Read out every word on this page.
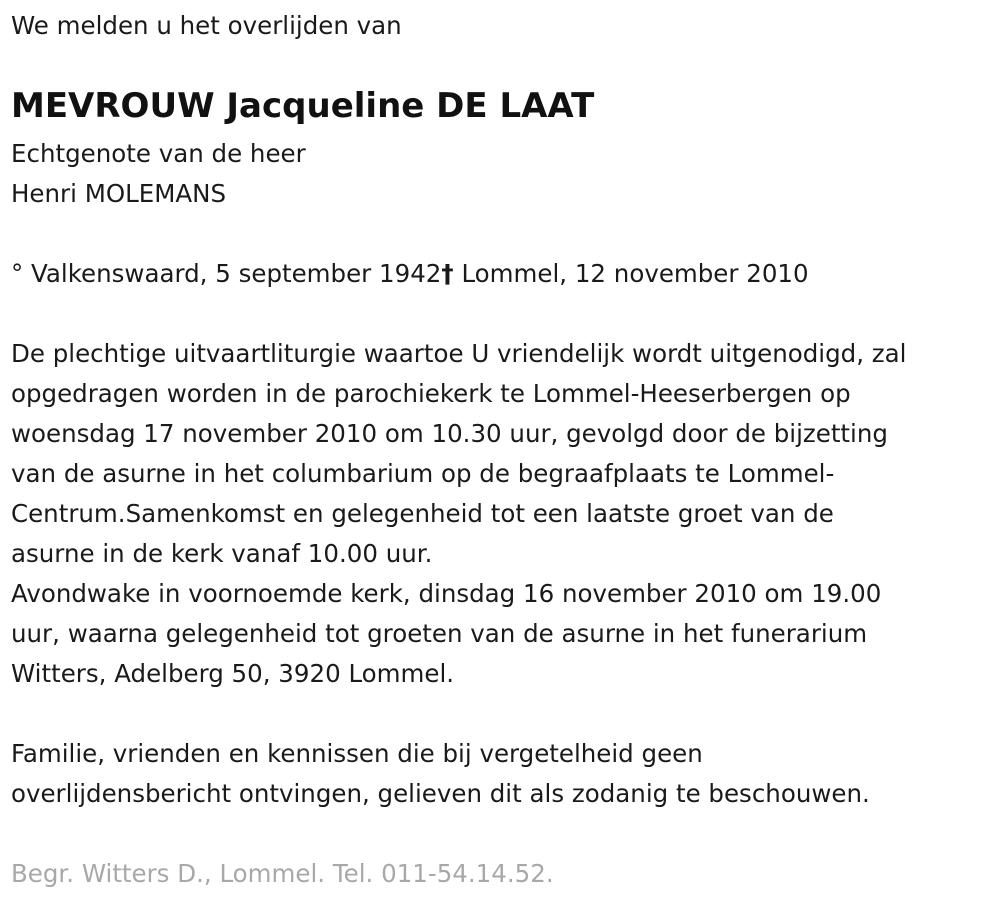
We melden u het overlijden van
MEVROUW Jacqueline DE LAAT
Echtgenote van de heer
Henri MOLEMANS
° Valkenswaard, 5 september 1942† Lommel, 12 november 2010
De plechtige uitvaartliturgie waartoe U vriendelijk wordt uitgenodigd, zal
opgedragen worden in de parochiekerk te Lommel-Heeserbergen op
woensdag 17 november 2010 om 10.30 uur, gevolgd door de bijzetting
van de asurne in het columbarium op de begraafplaats te Lommel-
Centrum.Samenkomst en gelegenheid tot een laatste groet van de
asurne in de kerk vanaf 10.00 uur.
Avondwake in voornoemde kerk, dinsdag 16 november 2010 om 19.00
uur, waarna gelegenheid tot groeten van de asurne in het funerarium
Witters, Adelberg 50, 3920 Lommel.
Familie, vrienden en kennissen die bij vergetelheid geen
overlijdensbericht ontvingen, gelieven dit als zodanig te beschouwen.
Begr. Witters D., Lommel. Tel. 011-54.14.52.
